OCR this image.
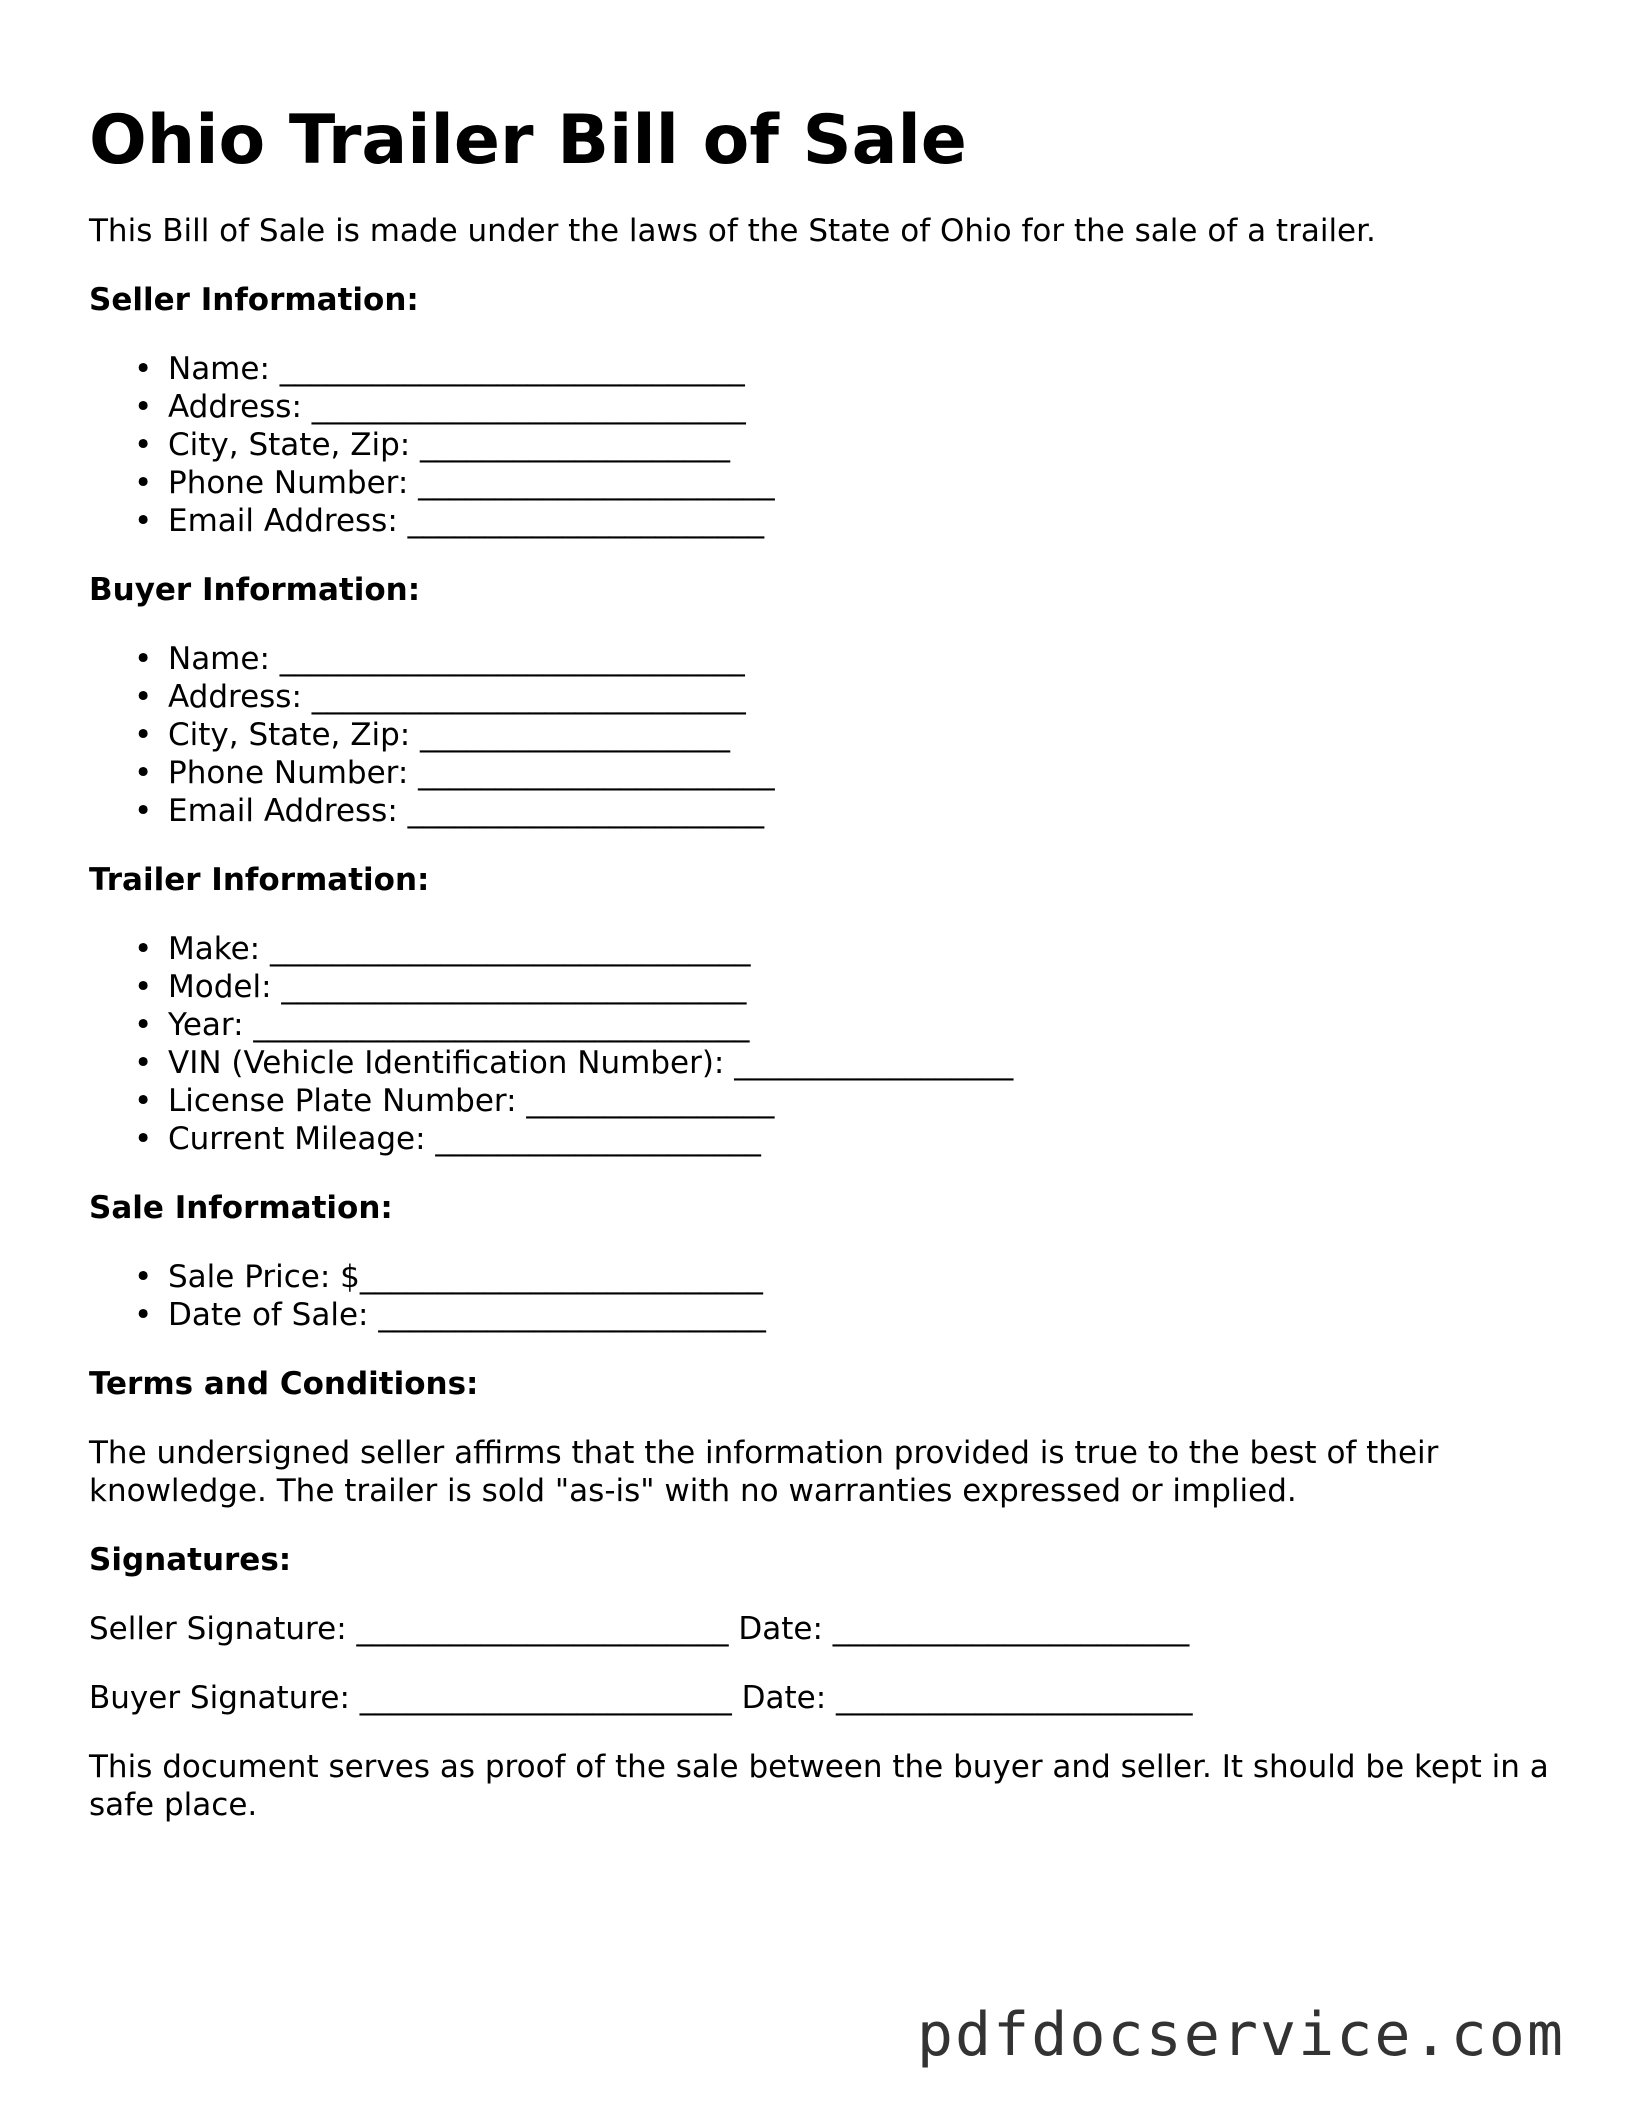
Ohio Trailer Bill of Sale

This Bill of Sale is made under the laws of the State of Ohio for the sale of a trailer.

Seller Information:
• Name: ______________________________
• Address: ____________________________
• City, State, Zip: ____________________
• Phone Number: _______________________
• Email Address: _______________________
Buyer Information:
• Name: ______________________________
• Address: ____________________________
• City, State, Zip: ____________________
• Phone Number: _______________________
• Email Address: _______________________
Trailer Information:
• Make: _______________________________
• Model: ______________________________
• Year: ________________________________
• VIN (Vehicle Identification Number): __________________
• License Plate Number: ________________
• Current Mileage: _____________________
Sale Information:
• Sale Price: $__________________________
• Date of Sale: _________________________
Terms and Conditions:

The undersigned seller affirms that the information provided is true to the best of their knowledge. The trailer is sold "as-is" with no warranties expressed or implied.

Signatures:
Seller Signature: ________________________ Date: _______________________
Buyer Signature: ________________________ Date: _______________________

This document serves as proof of the sale between the buyer and seller. It should be kept in a safe place.

pdfdocservice.com
